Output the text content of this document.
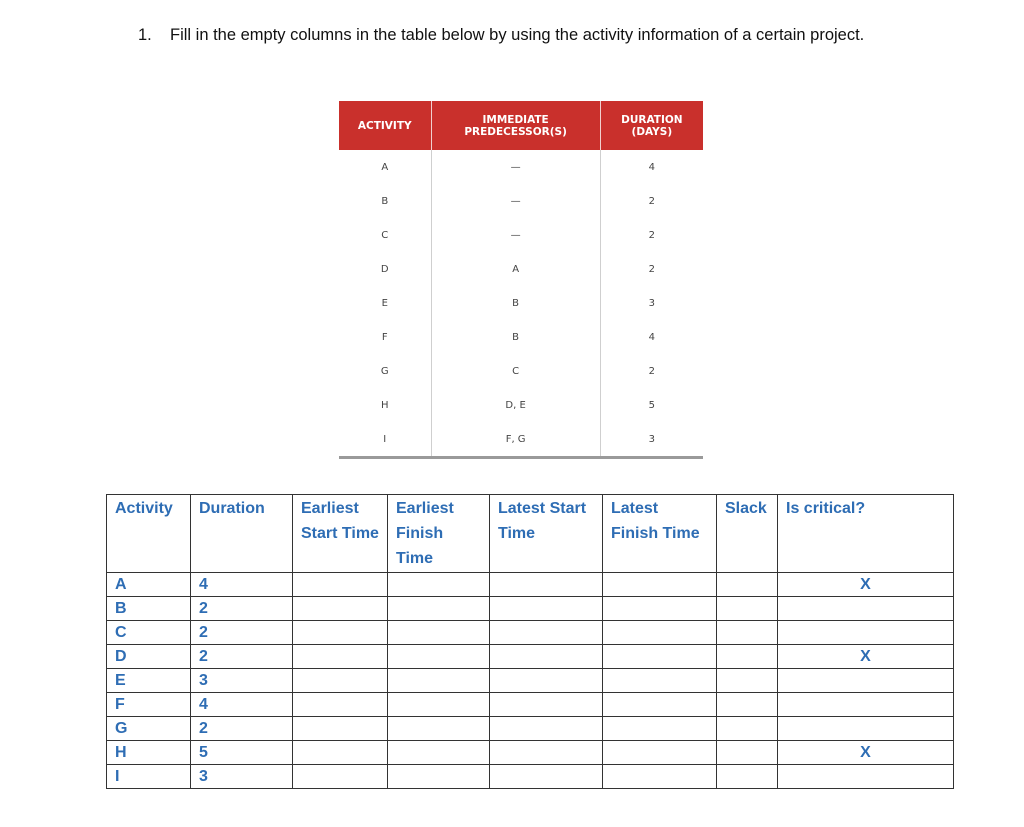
1. Fill in the empty columns in the table below by using the activity information of a certain project.
ACTIVITY	IMMEDIATE PREDECESSOR(S)	DURATION (DAYS)
A	—	4
B	—	2
C	—	2
D	A	2
E	B	3
F	B	4
G	C	2
H	D, E	5
I	F, G	3
Activity	Duration	Earliest Start Time	Earliest Finish Time	Latest Start Time	Latest Finish Time	Slack	Is critical?
A	4						X
B	2						
C	2						
D	2						X
E	3						
F	4						
G	2						
H	5						X
I	3						
